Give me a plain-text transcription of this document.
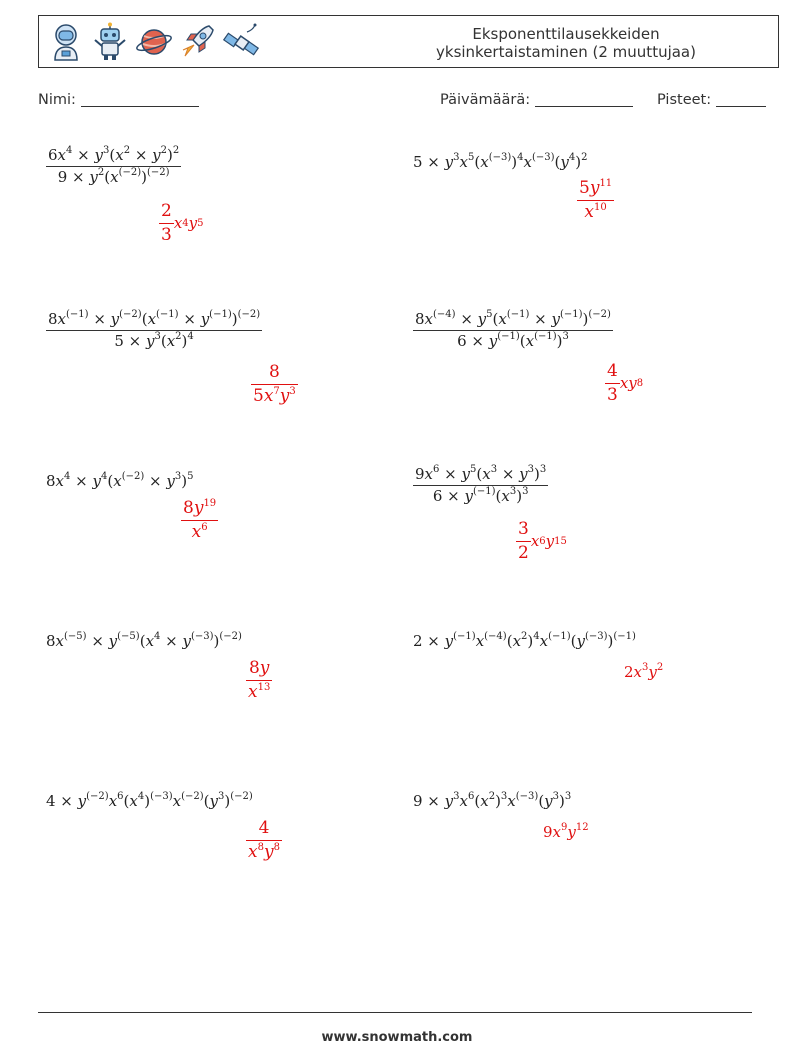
Eksponenttilausekkeiden
yksinkertaistaminen (2 muuttujaa)
Nimi:	Päivämäärä:	Pisteet:
$\frac{6x^4 \times y^3(x^2 \times y^2)^2}{9 \times y^2(x^{(-2)})^{(-2)}}$
$\frac{2}{3}$ x 4 y 5
$5 \times y^3x^5(x^{(-3)})^4x^{(-3)}(y^4)^2$
$\frac{5y^{11}}{x^{10}}$
$\frac{8x^{(-1)} \times y^{(-2)}(x^{(-1)} \times y^{(-1)})^{(-2)}}{5 \times y^3(x^2)^4}$
$\frac{8}{5x^7y^3}$
$\frac{8x^{(-4)} \times y^5(x^{(-1)} \times y^{(-1)})^{(-2)}}{6 \times y^{(-1)}(x^{(-1)})^3}$
$\frac{4}{3}$ xy 8
$8x^4 \times y^4(x^{(-2)} \times y^3)^5$
$\frac{8y^{19}}{x^6}$
$\frac{9x^6 \times y^5(x^3 \times y^3)^3}{6 \times y^{(-1)}(x^3)^3}$
$\frac{3}{2}$ x 6 y 15
$8x^{(-5)} \times y^{(-5)}(x^4 \times y^{(-3)})^{(-2)}$
$\frac{8y}{x^{13}}$
$2 \times y^{(-1)}x^{(-4)}(x^2)^4x^{(-1)}(y^{(-3)})^{(-1)}$
$2x^3y^2$
$4 \times y^{(-2)}x^6(x^4)^{(-3)}x^{(-2)}(y^3)^{(-2)}$
$\frac{4}{x^8y^8}$
$9 \times y^3x^6(x^2)^3x^{(-3)}(y^3)^3$
$9x^9y^{12}$
www.snowmath.com
